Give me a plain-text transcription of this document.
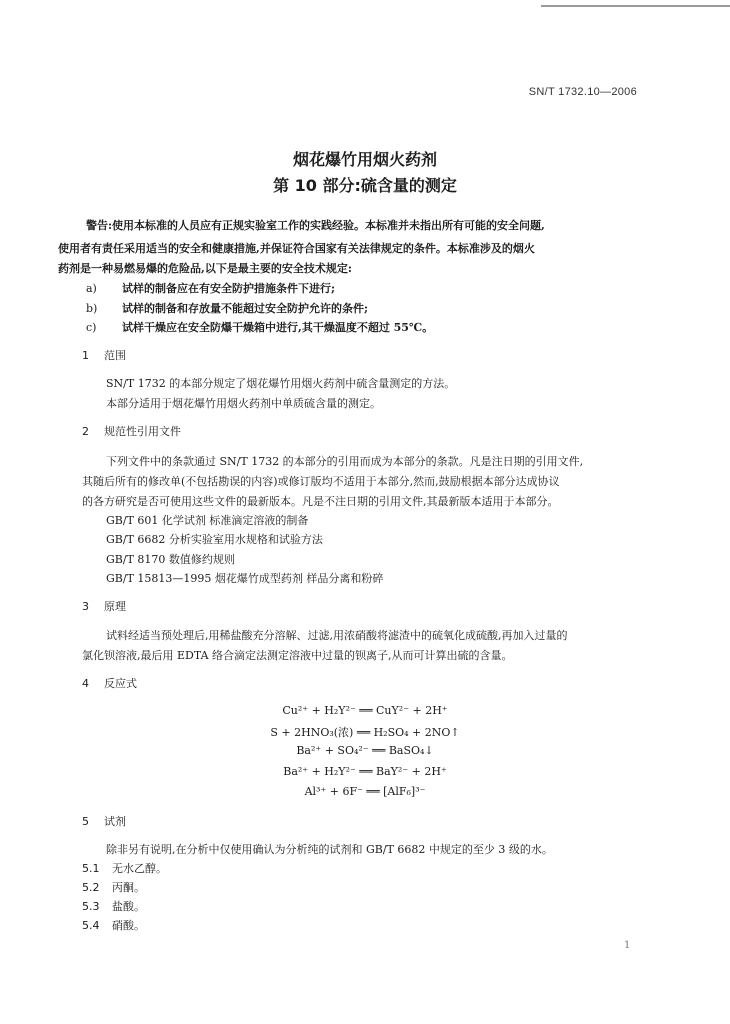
SN/T 1732.10—2006
烟花爆竹用烟火药剂
第 10 部分:硫含量的测定
警告:使用本标准的人员应有正规实验室工作的实践经验。本标准并未指出所有可能的安全问题,
使用者有责任采用适当的安全和健康措施,并保证符合国家有关法律规定的条件。本标准涉及的烟火
药剂是一种易燃易爆的危险品,以下是最主要的安全技术规定:
a) 试样的制备应在有安全防护措施条件下进行;
b) 试样的制备和存放量不能超过安全防护允许的条件;
c) 试样干燥应在安全防爆干燥箱中进行,其干燥温度不超过 55℃。
1 范围
SN/T 1732 的本部分规定了烟花爆竹用烟火药剂中硫含量测定的方法。
本部分适用于烟花爆竹用烟火药剂中单质硫含量的测定。
2 规范性引用文件
下列文件中的条款通过 SN/T 1732 的本部分的引用而成为本部分的条款。凡是注日期的引用文件,
其随后所有的修改单(不包括勘误的内容)或修订版均不适用于本部分,然而,鼓励根据本部分达成协议
的各方研究是否可使用这些文件的最新版本。凡是不注日期的引用文件,其最新版本适用于本部分。
GB/T 601 化学试剂 标准滴定溶液的制备
GB/T 6682 分析实验室用水规格和试验方法
GB/T 8170 数值修约规则
GB/T 15813—1995 烟花爆竹成型药剂 样品分离和粉碎
3 原理
试料经适当预处理后,用稀盐酸充分溶解、过滤,用浓硝酸将滤渣中的硫氧化成硫酸,再加入过量的
氯化钡溶液,最后用 EDTA 络合滴定法测定溶液中过量的钡离子,从而可计算出硫的含量。
4 反应式
Cu²⁺ + H₂Y²⁻ ══ CuY²⁻ + 2H⁺
S + 2HNO₃(浓) ══ H₂SO₄ + 2NO↑
Ba²⁺ + SO₄²⁻ ══ BaSO₄↓
Ba²⁺ + H₂Y²⁻ ══ BaY²⁻ + 2H⁺
Al³⁺ + 6F⁻ ══ [AlF₆]³⁻
5 试剂
除非另有说明,在分析中仅使用确认为分析纯的试剂和 GB/T 6682 中规定的至少 3 级的水。
5.1 无水乙醇。
5.2 丙酮。
5.3 盐酸。
5.4 硝酸。
1
